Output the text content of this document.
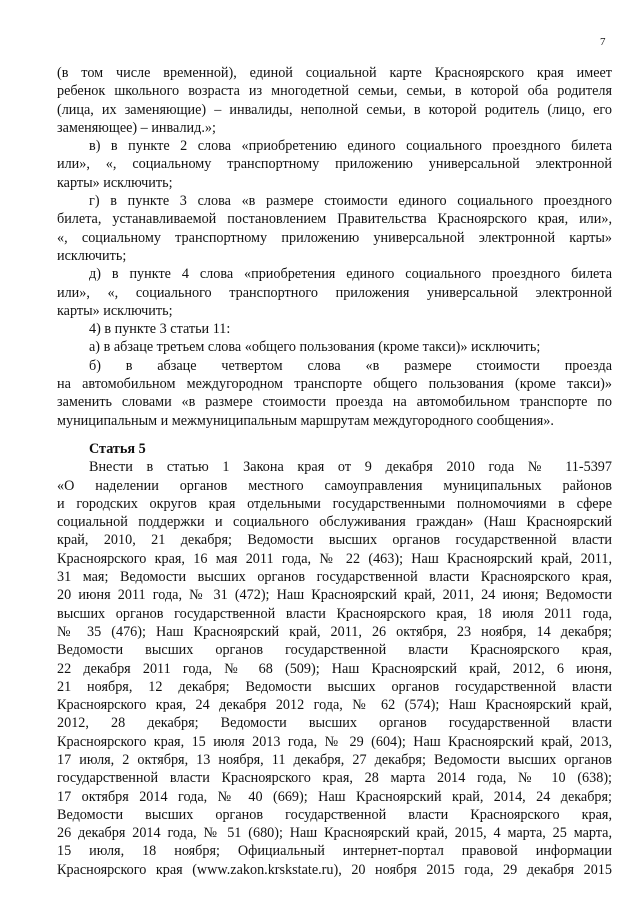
7
(в том числе временной), единой социальной карте Красноярского края имеет
ребенок школьного возраста из многодетной семьи, семьи, в которой оба родителя
(лица, их заменяющие) – инвалиды, неполной семьи, в которой родитель (лицо, его
заменяющее) – инвалид.»;
в) в пункте 2 слова «приобретению единого социального проездного билета
или», «, социальному транспортному приложению универсальной электронной
карты» исключить;
г) в пункте 3 слова «в размере стоимости единого социального проездного
билета, устанавливаемой постановлением Правительства Красноярского края, или»,
«, социальному транспортному приложению универсальной электронной карты»
исключить;
д) в пункте 4 слова «приобретения единого социального проездного билета
или», «, социального транспортного приложения универсальной электронной
карты» исключить;
4) в пункте 3 статьи 11:
а) в абзаце третьем слова «общего пользования (кроме такси)» исключить;
б) в абзаце четвертом слова «в размере стоимости проезда
на автомобильном междугородном транспорте общего пользования (кроме такси)»
заменить словами «в размере стоимости проезда на автомобильном транспорте по
муниципальным и межмуниципальным маршрутам междугородного сообщения».
Статья 5
Внести в статью 1 Закона края от 9 декабря 2010 года № 11-5397
«О наделении органов местного самоуправления муниципальных районов
и городских округов края отдельными государственными полномочиями в сфере
социальной поддержки и социального обслуживания граждан» (Наш Красноярский
край, 2010, 21 декабря; Ведомости высших органов государственной власти
Красноярского края, 16 мая 2011 года, № 22 (463); Наш Красноярский край, 2011,
31 мая; Ведомости высших органов государственной власти Красноярского края,
20 июня 2011 года, № 31 (472); Наш Красноярский край, 2011, 24 июня; Ведомости
высших органов государственной власти Красноярского края, 18 июля 2011 года,
№ 35 (476); Наш Красноярский край, 2011, 26 октября, 23 ноября, 14 декабря;
Ведомости высших органов государственной власти Красноярского края,
22 декабря 2011 года, № 68 (509); Наш Красноярский край, 2012, 6 июня,
21 ноября, 12 декабря; Ведомости высших органов государственной власти
Красноярского края, 24 декабря 2012 года, № 62 (574); Наш Красноярский край,
2012, 28 декабря; Ведомости высших органов государственной власти
Красноярского края, 15 июля 2013 года, № 29 (604); Наш Красноярский край, 2013,
17 июля, 2 октября, 13 ноября, 11 декабря, 27 декабря; Ведомости высших органов
государственной власти Красноярского края, 28 марта 2014 года, № 10 (638);
17 октября 2014 года, № 40 (669); Наш Красноярский край, 2014, 24 декабря;
Ведомости высших органов государственной власти Красноярского края,
26 декабря 2014 года, № 51 (680); Наш Красноярский край, 2015, 4 марта, 25 марта,
15 июля, 18 ноября; Официальный интернет-портал правовой информации
Красноярского края (www.zakon.krskstate.ru), 20 ноября 2015 года, 29 декабря 2015
